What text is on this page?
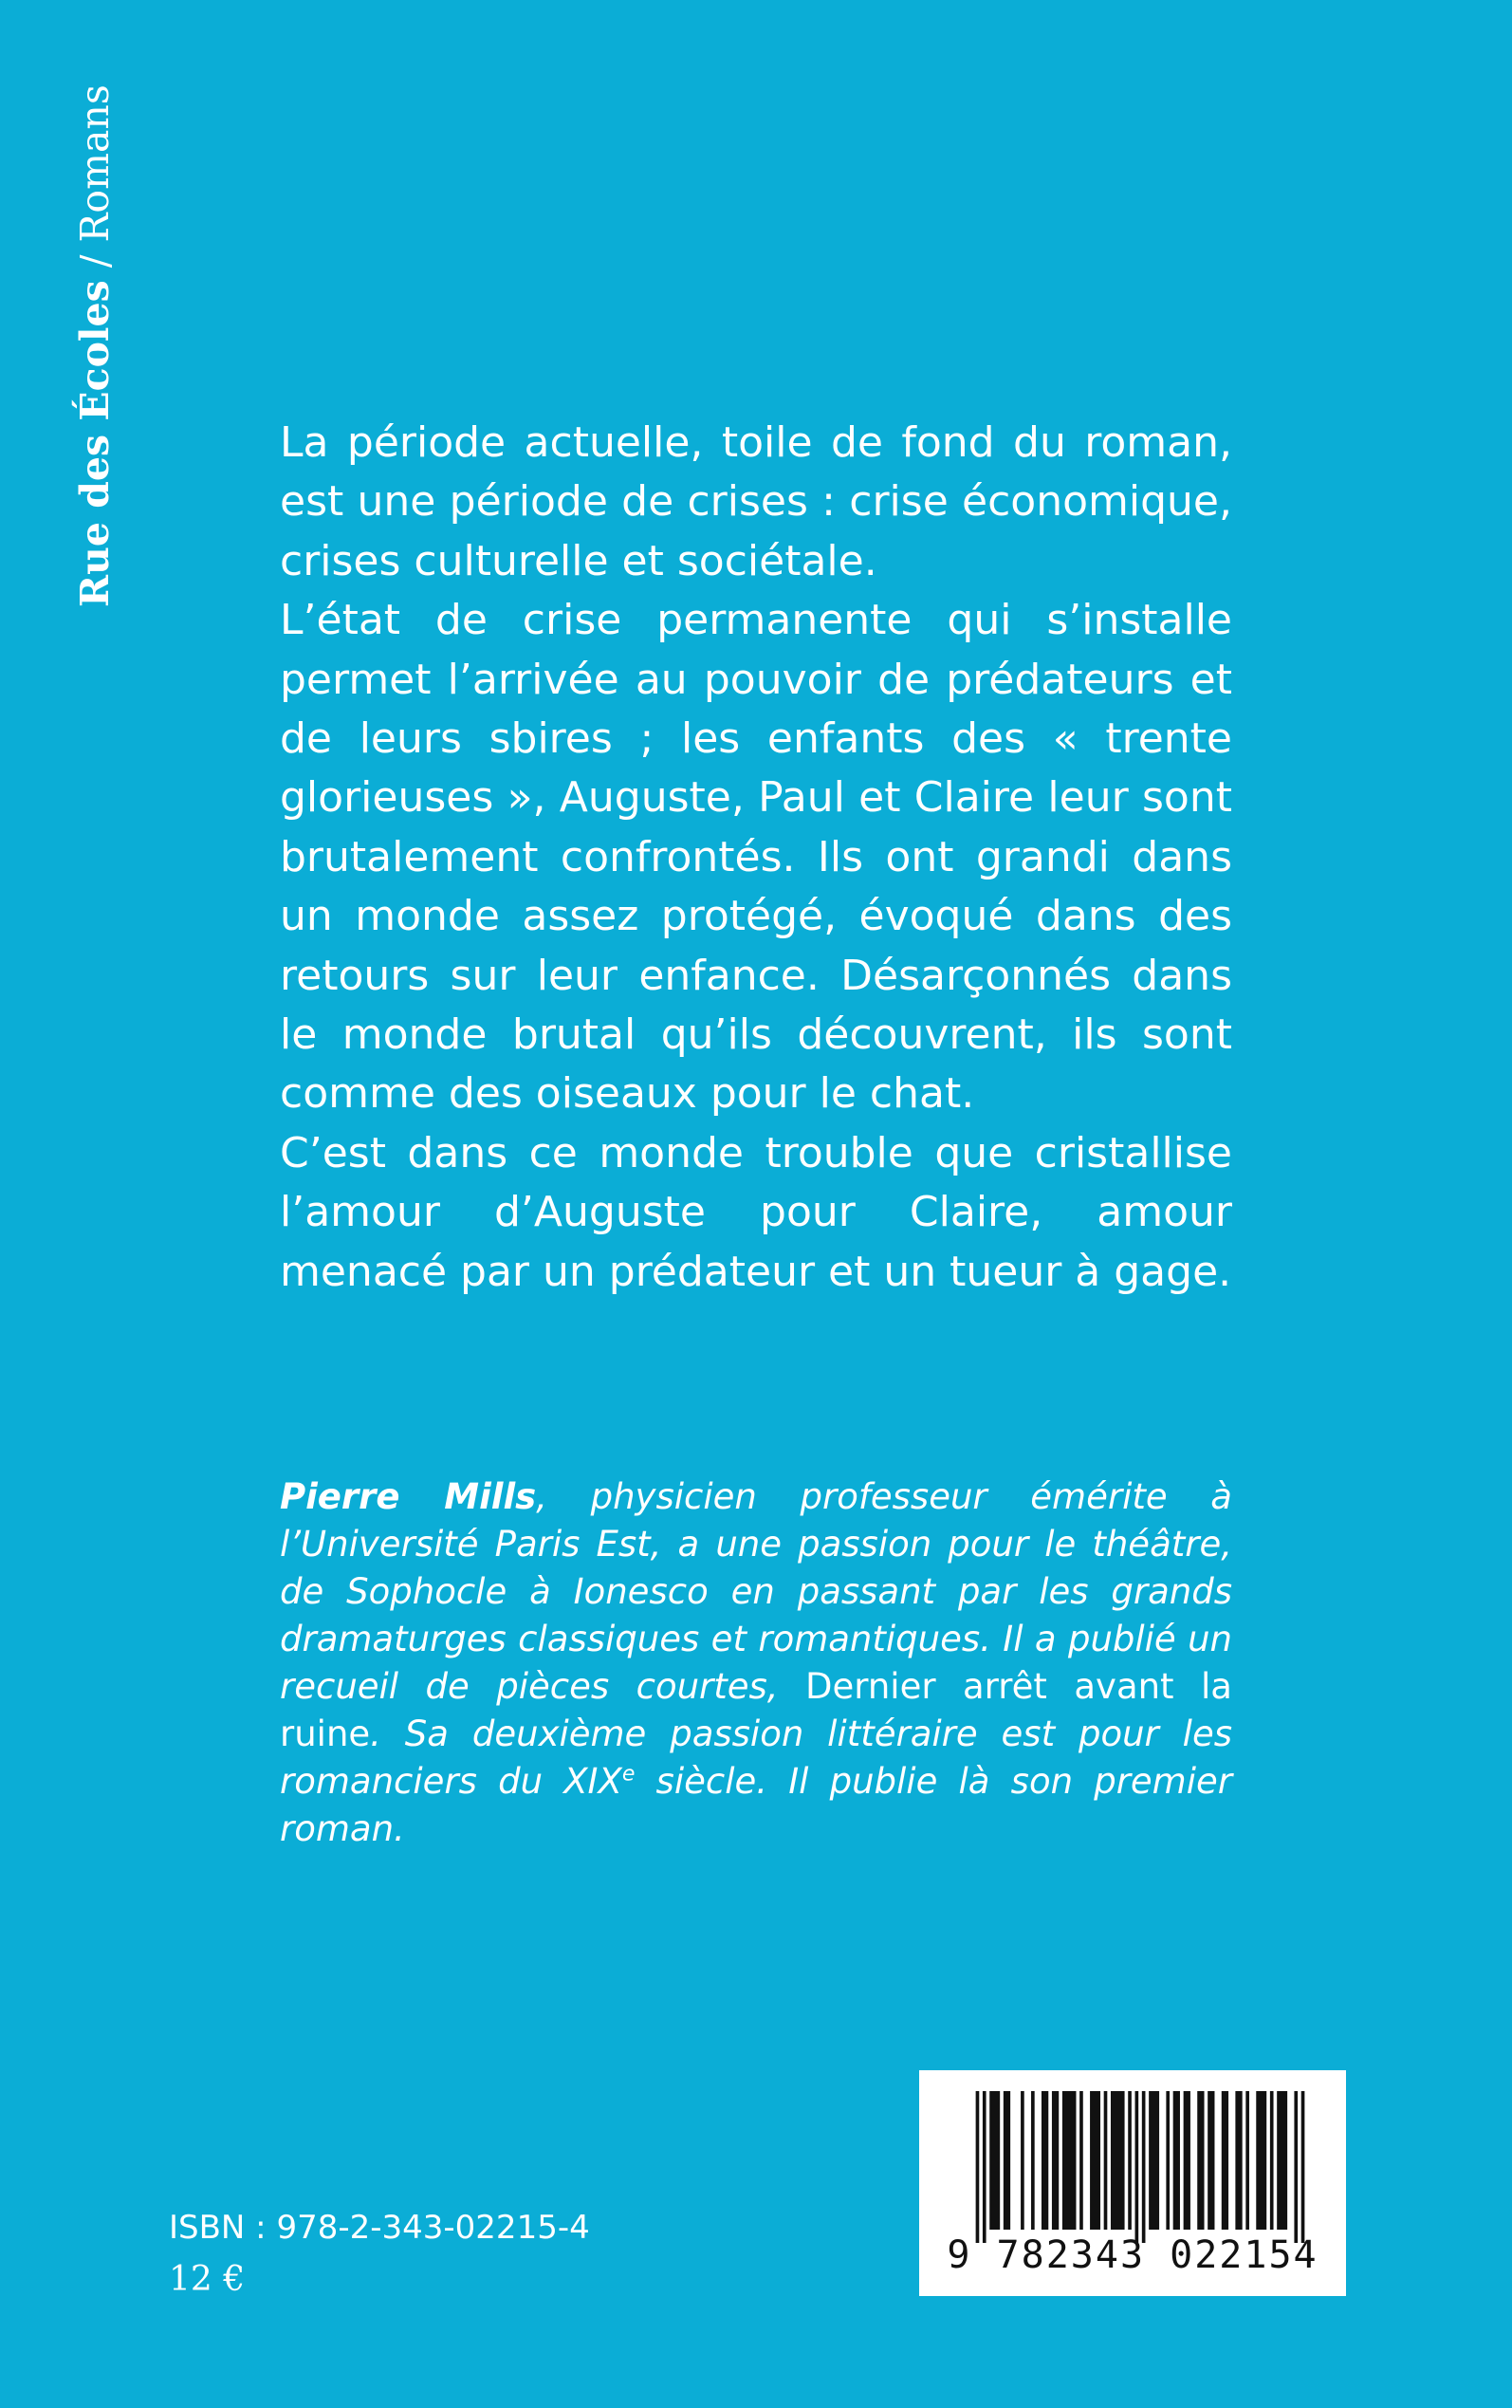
Rue des Écoles / Romans

La période actuelle, toile de fond du roman, est une période de crises : crise économique, crises culturelle et sociétale.

L’état de crise permanente qui s’installe permet l’arrivée au pouvoir de prédateurs et de leurs sbires ; les enfants des « trente glorieuses », Auguste, Paul et Claire leur sont brutalement confrontés. Ils ont grandi dans un monde assez protégé, évoqué dans des retours sur leur enfance. Désarçonnés dans le monde brutal qu’ils découvrent, ils sont comme des oiseaux pour le chat.

C’est dans ce monde trouble que cristallise l’amour d’Auguste pour Claire, amour menacé par un prédateur et un tueur à gage.

Pierre Mills, physicien professeur émérite à l’Université Paris Est, a une passion pour le théâtre, de Sophocle à Ionesco en passant par les grands dramaturges classiques et romantiques. Il a publié un recueil de pièces courtes, Dernier arrêt avant la ruine. Sa deuxième passion littéraire est pour les romanciers du XIXe siècle. Il publie là son premier roman.

ISBN : 978-2-343-02215-4
12 €
9 782343 022154
